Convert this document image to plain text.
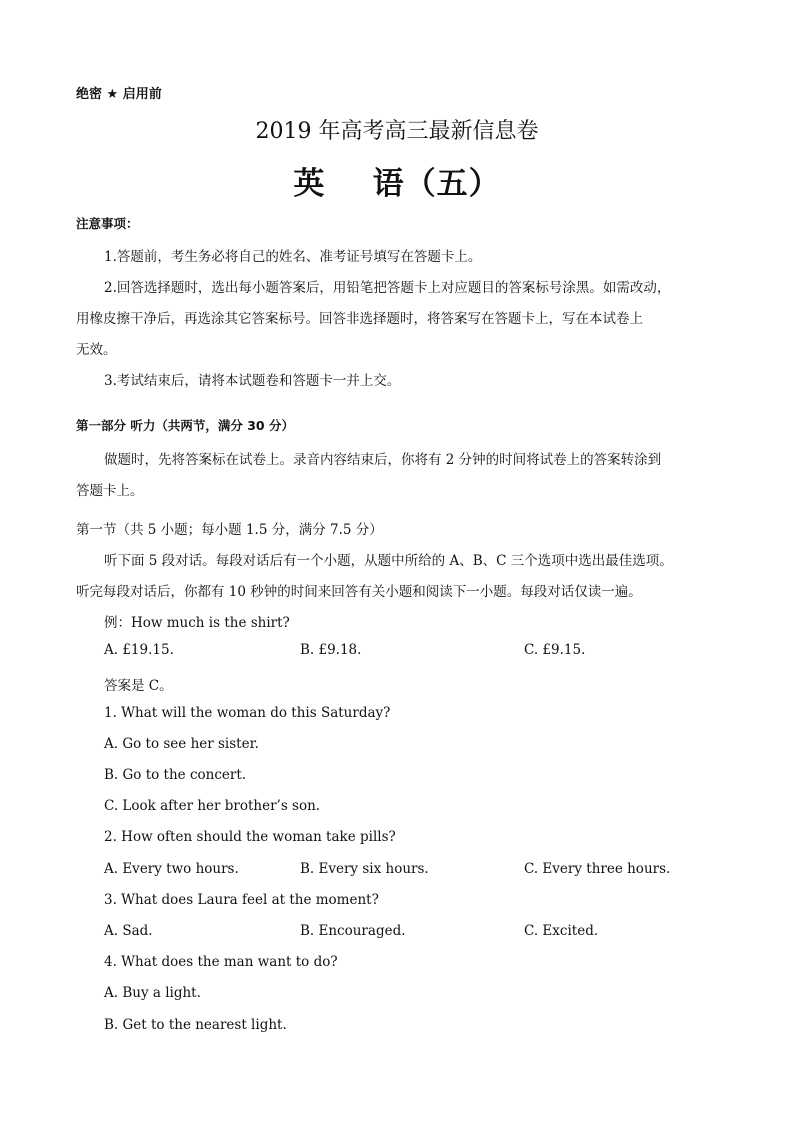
绝密 ★ 启用前
2019 年高考高三最新信息卷
英    语（五）
注意事项：
1.答题前，考生务必将自己的姓名、准考证号填写在答题卡上。
2.回答选择题时，选出每小题答案后，用铅笔把答题卡上对应题目的答案标号涂黑。如需改动，
用橡皮擦干净后，再选涂其它答案标号。回答非选择题时，将答案写在答题卡上，写在本试卷上
无效。
3.考试结束后，请将本试题卷和答题卡一并上交。
第一部分 听力（共两节，满分 30 分）
做题时，先将答案标在试卷上。录音内容结束后，你将有 2 分钟的时间将试卷上的答案转涂到
答题卡上。
第一节（共 5 小题；每小题 1.5 分，满分 7.5 分）
听下面 5 段对话。每段对话后有一个小题，从题中所给的 A、B、C 三个选项中选出最佳选项。
听完每段对话后，你都有 10 秒钟的时间来回答有关小题和阅读下一小题。每段对话仅读一遍。
例：How much is the shirt?
A. £19.15.	B. £9.18.	C. £9.15.
答案是 C。
1. What will the woman do this Saturday?
A. Go to see her sister.
B. Go to the concert.
C. Look after her brother’s son.
2. How often should the woman take pills?
A. Every two hours.	B. Every six hours.	C. Every three hours.
3. What does Laura feel at the moment?
A. Sad.	B. Encouraged.	C. Excited.
4. What does the man want to do?
A. Buy a light.
B. Get to the nearest light.
